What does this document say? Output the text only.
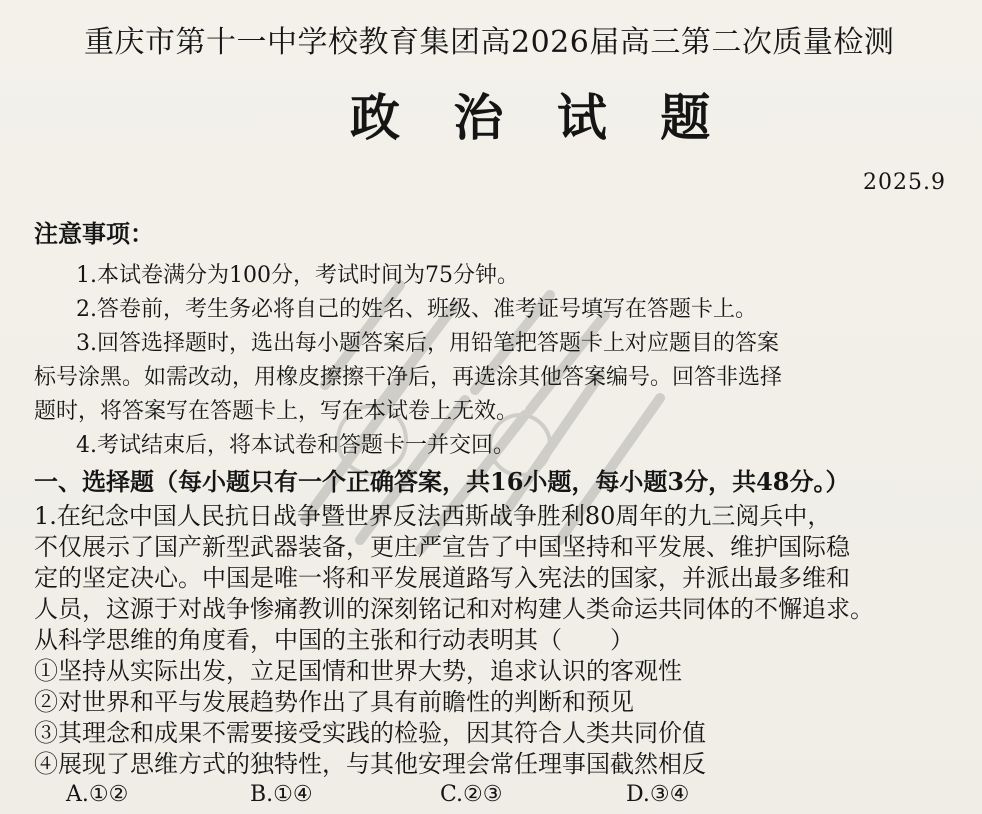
重庆市第十一中学校教育集团高2026届高三第二次质量检测
政 治 试 题
2025.9
注意事项：
1.本试卷满分为100分，考试时间为75分钟。
2.答卷前，考生务必将自己的姓名、班级、准考证号填写在答题卡上。
3.回答选择题时，选出每小题答案后，用铅笔把答题卡上对应题目的答案
标号涂黑。如需改动，用橡皮擦擦干净后，再选涂其他答案编号。回答非选择
题时，将答案写在答题卡上，写在本试卷上无效。
4.考试结束后，将本试卷和答题卡一并交回。
一、选择题（每小题只有一个正确答案，共16小题，每小题3分，共48分。）
1.在纪念中国人民抗日战争暨世界反法西斯战争胜利80周年的九三阅兵中，
不仅展示了国产新型武器装备，更庄严宣告了中国坚持和平发展、维护国际稳
定的坚定决心。中国是唯一将和平发展道路写入宪法的国家，并派出最多维和
人员，这源于对战争惨痛教训的深刻铭记和对构建人类命运共同体的不懈追求。
从科学思维的角度看，中国的主张和行动表明其（　　）
①坚持从实际出发，立足国情和世界大势，追求认识的客观性
②对世界和平与发展趋势作出了具有前瞻性的判断和预见
③其理念和成果不需要接受实践的检验，因其符合人类共同价值
④展现了思维方式的独特性，与其他安理会常任理事国截然相反
A.①②	B.①④	C.②③	D.③④
